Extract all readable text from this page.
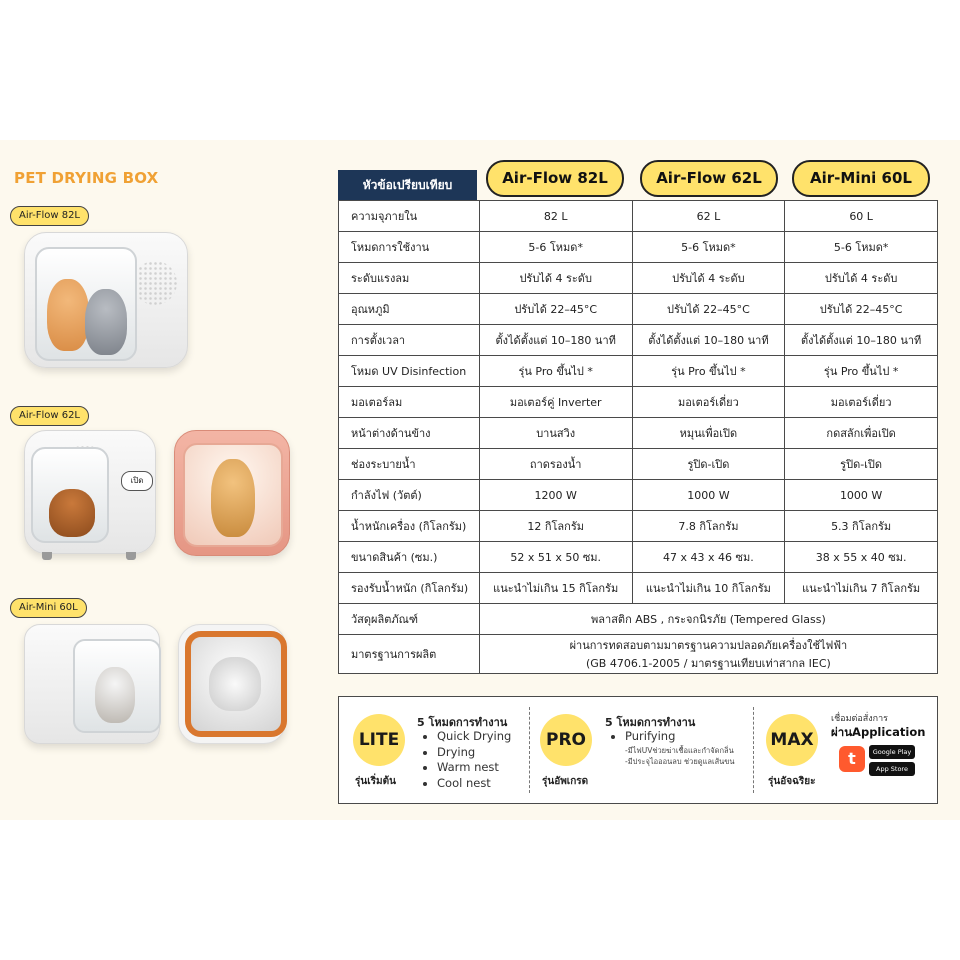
PET DRYING BOX
Air-Flow 82L
Air-Flow 62L
เปิด
Air-Mini 60L
หัวข้อเปรียบเทียบ	Air-Flow 82L	Air-Flow 62L	Air-Mini 60L
ความจุภายใน	82 L	62 L	60 L
โหมดการใช้งาน	5-6 โหมด*	5-6 โหมด*	5-6 โหมด*
ระดับแรงลม	ปรับได้ 4 ระดับ	ปรับได้ 4 ระดับ	ปรับได้ 4 ระดับ
อุณหภูมิ	ปรับได้ 22–45°C	ปรับได้ 22–45°C	ปรับได้ 22–45°C
การตั้งเวลา	ตั้งได้ตั้งแต่ 10–180 นาที	ตั้งได้ตั้งแต่ 10–180 นาที	ตั้งได้ตั้งแต่ 10–180 นาที
โหมด UV Disinfection	รุ่น Pro ขึ้นไป *	รุ่น Pro ขึ้นไป *	รุ่น Pro ขึ้นไป *
มอเตอร์ลม	มอเตอร์คู่ Inverter	มอเตอร์เดี่ยว	มอเตอร์เดี่ยว
หน้าต่างด้านข้าง	บานสวิง	หมุนเพื่อเปิด	กดสลักเพื่อเปิด
ช่องระบายน้ำ	ถาดรองน้ำ	รูปิด-เปิด	รูปิด-เปิด
กำลังไฟ (วัตต์)	1200 W	1000 W	1000 W
น้ำหนักเครื่อง (กิโลกรัม)	12 กิโลกรัม	7.8 กิโลกรัม	5.3 กิโลกรัม
ขนาดสินค้า (ซม.)	52 x 51 x 50 ซม.	47 x 43 x 46 ซม.	38 x 55 x 40 ซม.
รองรับน้ำหนัก (กิโลกรัม)	แนะนำไม่เกิน 15 กิโลกรัม	แนะนำไม่เกิน 10 กิโลกรัม	แนะนำไม่เกิน 7 กิโลกรัม
วัสดุผลิตภัณฑ์	พลาสติก ABS , กระจกนิรภัย (Tempered Glass)		
มาตรฐานการผลิต	ผ่านการทดสอบตามมาตรฐานความปลอดภัยเครื่องใช้ไฟฟ้า
(GB 4706.1-2005 / มาตรฐานเทียบเท่าสากล IEC)		
LITE
รุ่นเริ่มต้น
5 โหมดการทำงาน
• Quick Drying
• Drying
• Warm nest
• Cool nest
PRO
รุ่นอัพเกรด
5 โหมดการทำงาน
• Purifying
-มีไฟUVช่วยฆ่าเชื้อและกำจัดกลิ่น
-มีประจุไอออนลบ ช่วยดูแลเส้นขน
MAX
รุ่นอัจฉริยะ
เชื่อมต่อสั่งการ
ผ่านApplication
t	Google Play
App Store
